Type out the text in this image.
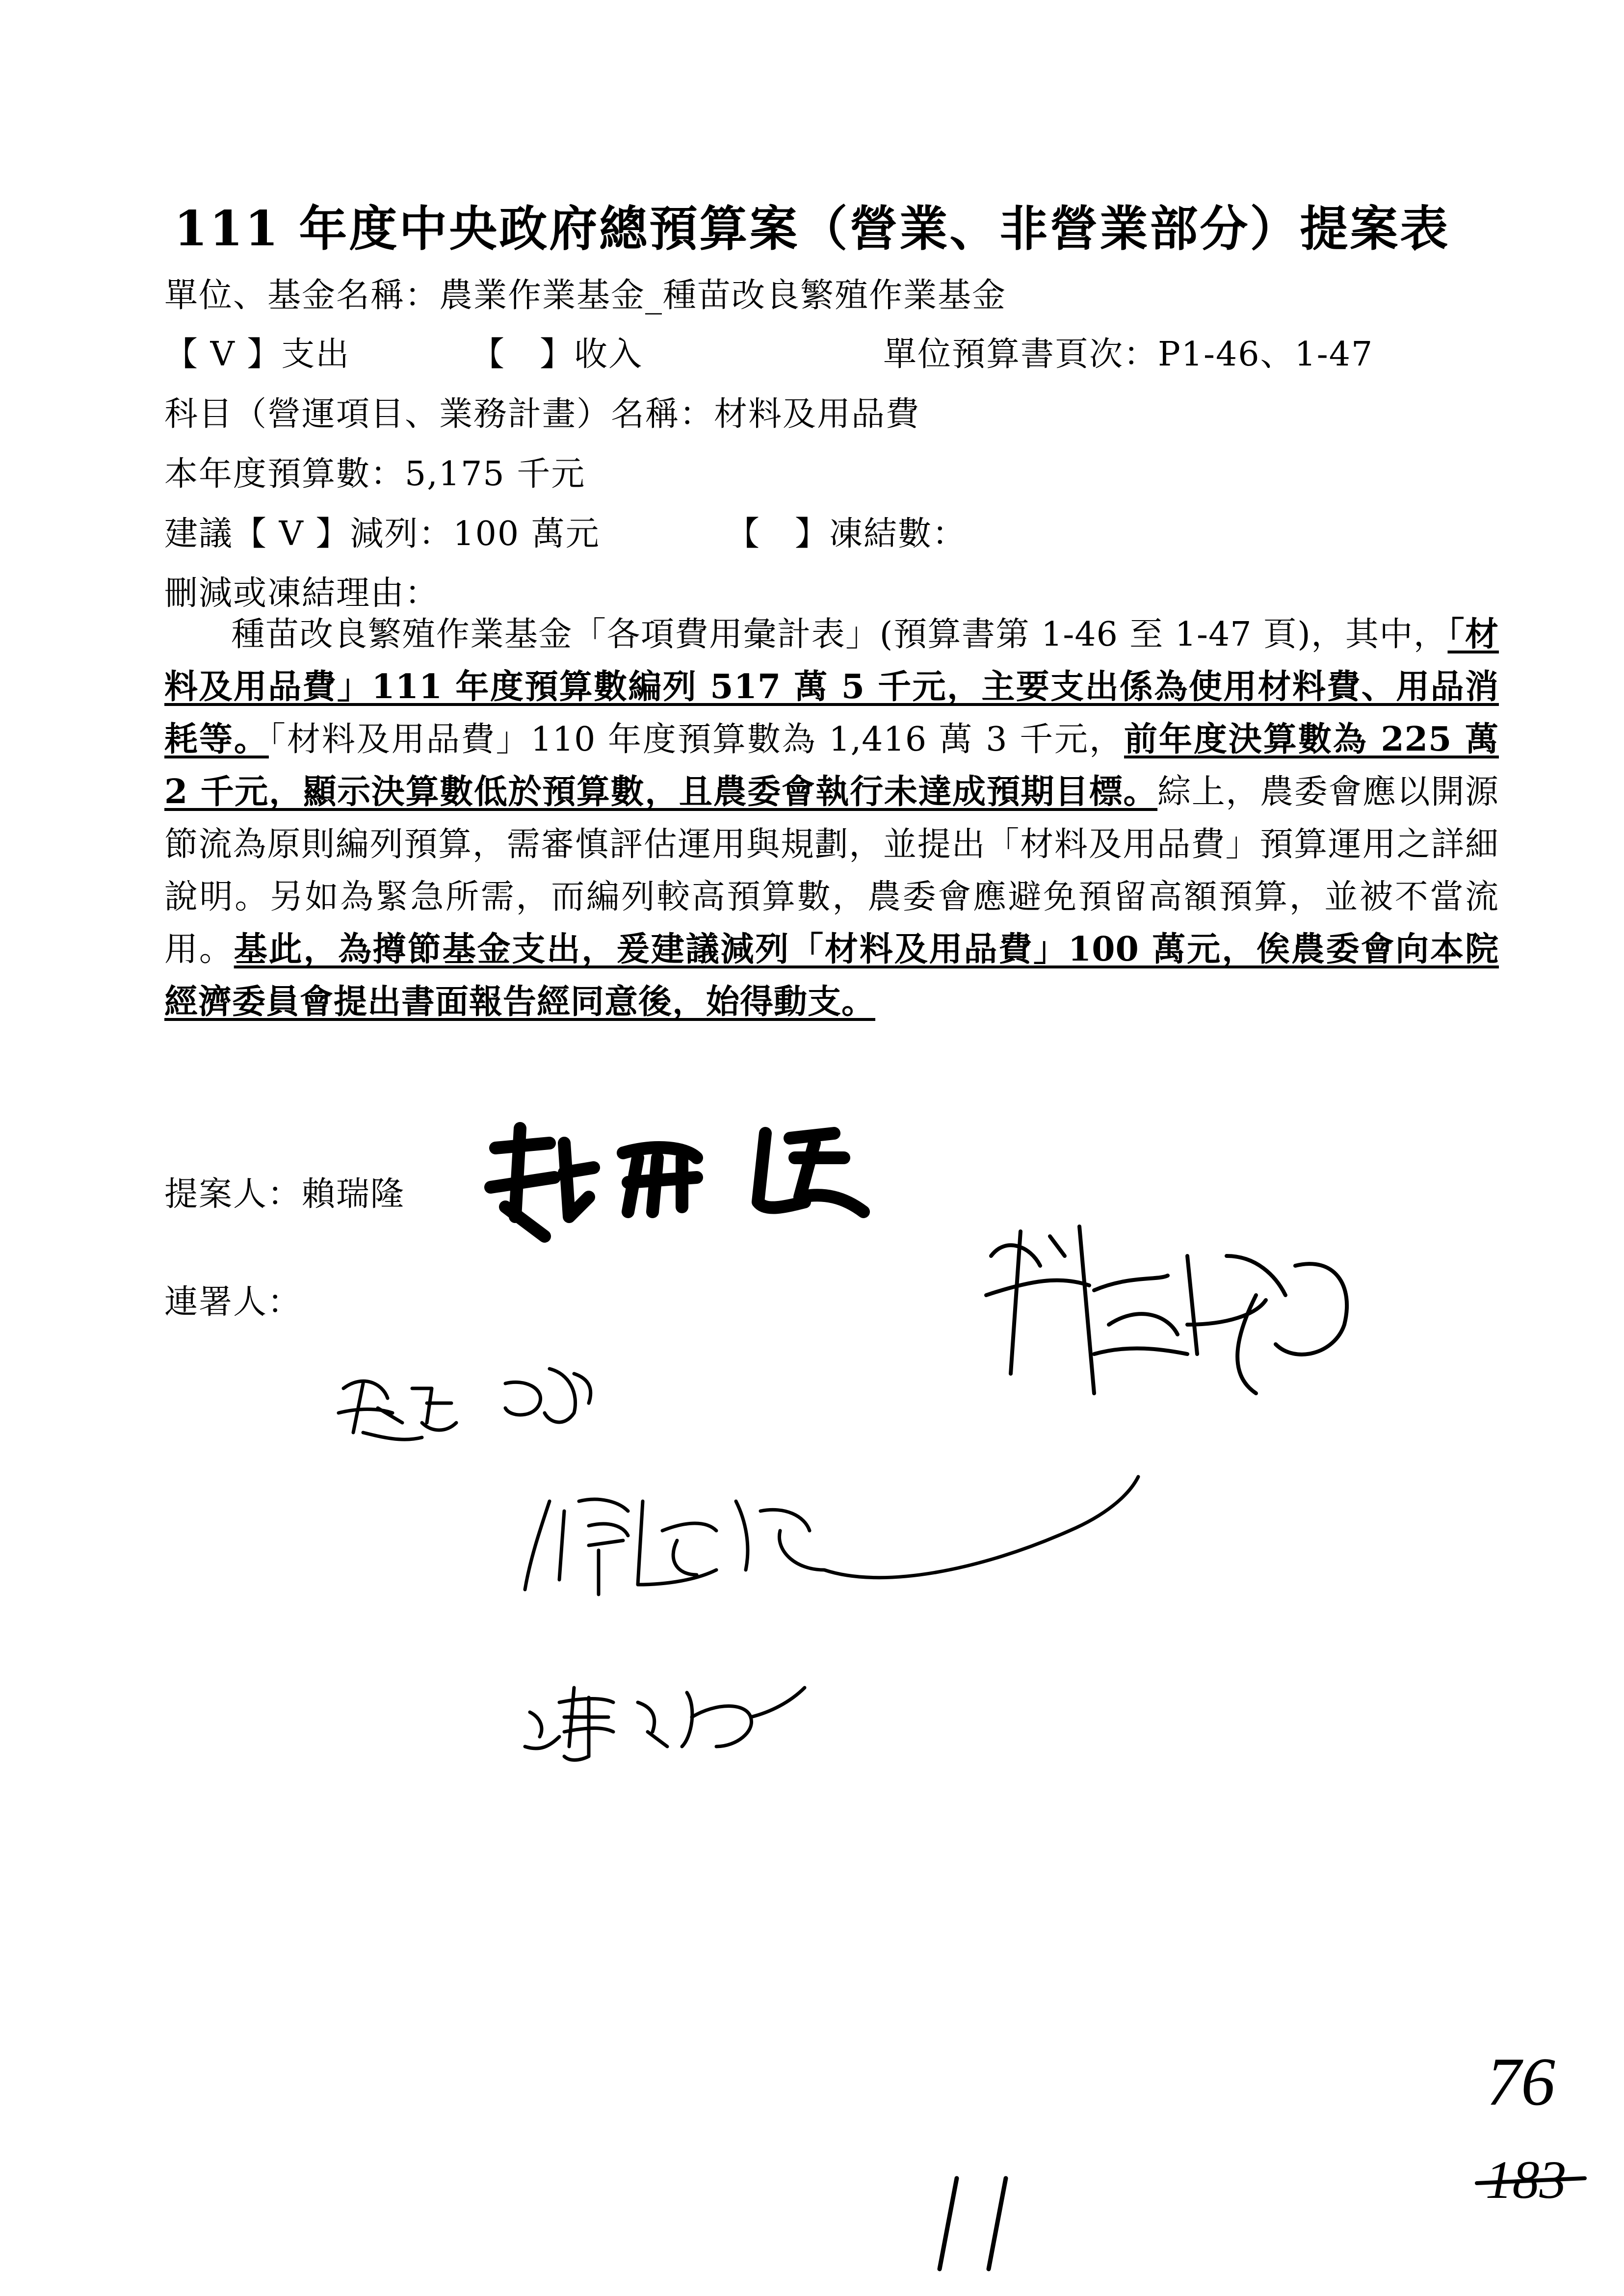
111 年度中央政府總預算案（營業、非營業部分）提案表
單位、基金名稱：農業作業基金_種苗改良繁殖作業基金
【 V 】支出	【　】收入	單位預算書頁次：P1-46、1-47
科目（營運項目、業務計畫）名稱：材料及用品費
本年度預算數：5,175 千元
建議【 V 】減列：100 萬元	【　】凍結數：
刪減或凍結理由：
種苗改良繁殖作業基金「各項費用彙計表」(預算書第 1-46 至 1-47 頁)，其中，「材料及用品費」111 年度預算數編列 517 萬 5 千元，主要支出係為使用材料費、用品消耗等。「材料及用品費」110 年度預算數為 1,416 萬 3 千元，前年度決算數為 225 萬 2 千元，顯示決算數低於預算數，且農委會執行未達成預期目標。綜上，農委會應以開源節流為原則編列預算，需審慎評估運用與規劃，並提出「材料及用品費」預算運用之詳細說明。另如為緊急所需，而編列較高預算數，農委會應避免預留高額預算，並被不當流用。基此，為撙節基金支出，爰建議減列「材料及用品費」100 萬元，俟農委會向本院經濟委員會提出書面報告經同意後，始得動支。
提案人：賴瑞隆
連署人：
76
183
